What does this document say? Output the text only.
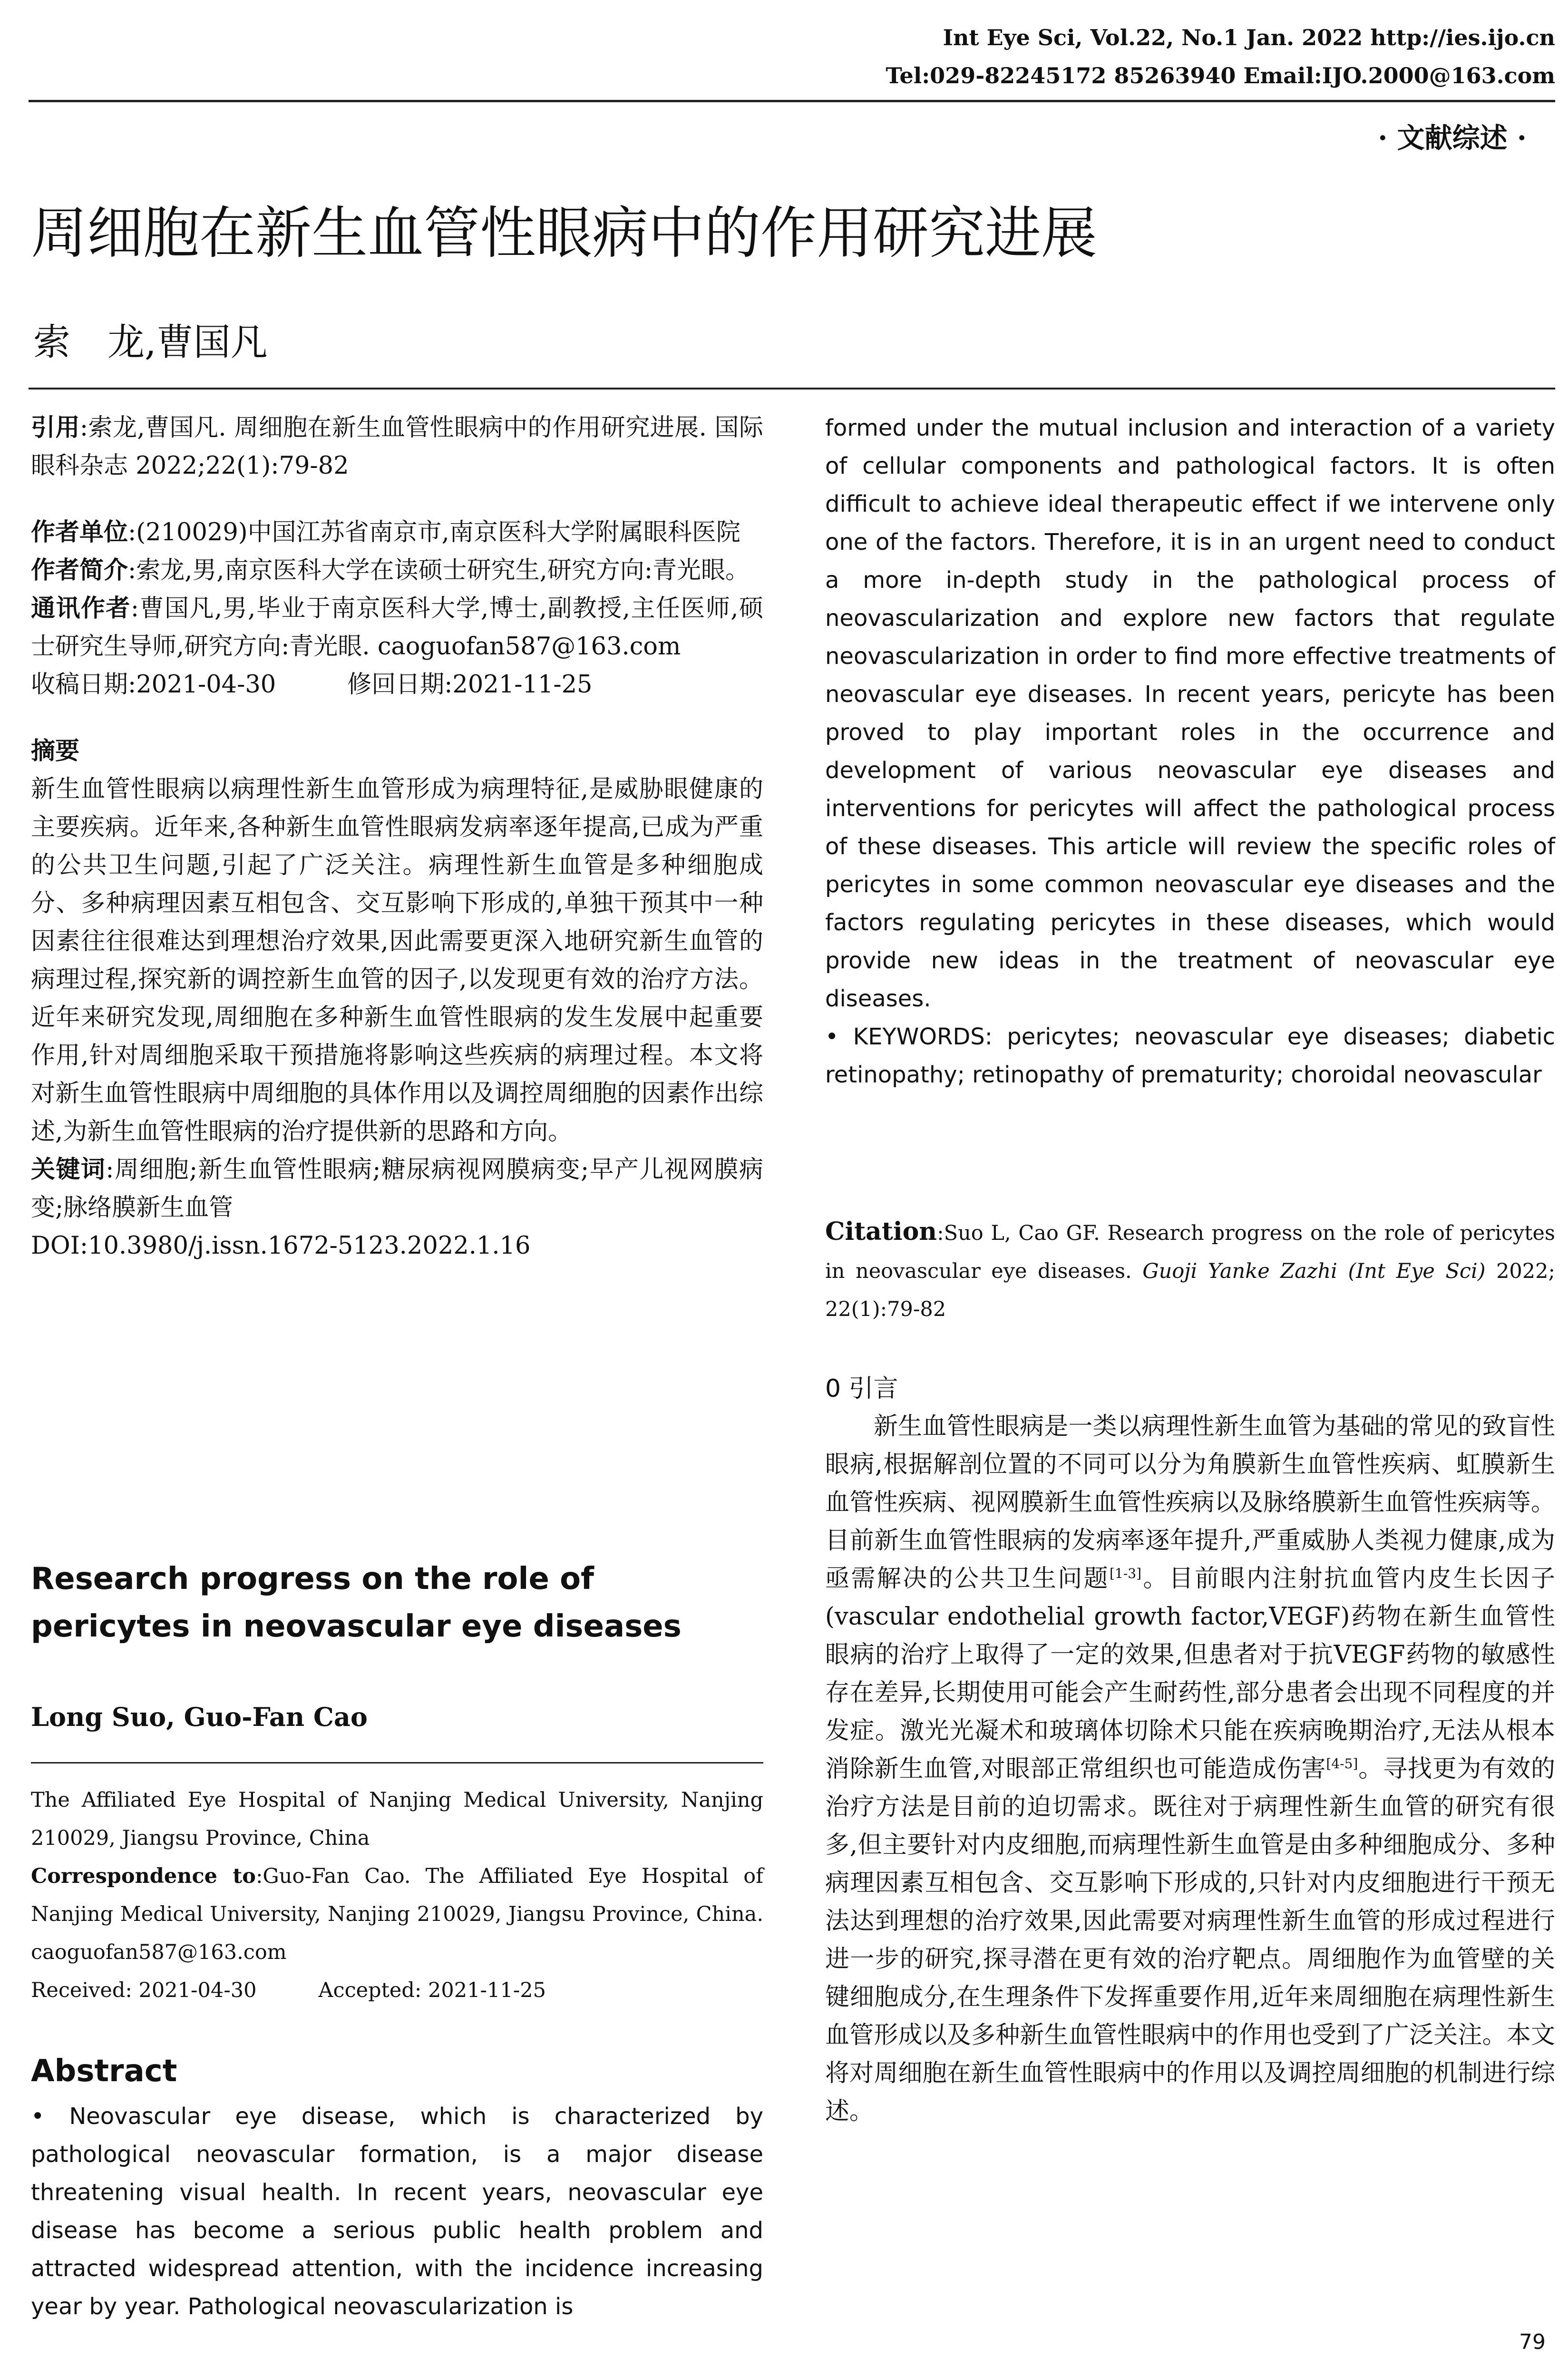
Int Eye Sci, Vol.22, No.1 Jan. 2022 http://ies.ijo.cn
Tel:029-82245172 85263940 Email:IJO.2000@163.com
· 文献综述 ·
周细胞在新生血管性眼病中的作用研究进展
索　龙,曹国凡

引用:索龙,曹国凡. 周细胞在新生血管性眼病中的作用研究进展. 国际眼科杂志 2022;22(1):79-82

作者单位:(210029)中国江苏省南京市,南京医科大学附属眼科医院

作者简介:索龙,男,南京医科大学在读硕士研究生,研究方向:青光眼。

通讯作者:曹国凡,男,毕业于南京医科大学,博士,副教授,主任医师,硕士研究生导师,研究方向:青光眼. caoguofan587@163.com

收稿日期:2021-04-30	修回日期:2021-11-25

摘要

新生血管性眼病以病理性新生血管形成为病理特征,是威胁眼健康的主要疾病。近年来,各种新生血管性眼病发病率逐年提高,已成为严重的公共卫生问题,引起了广泛关注。病理性新生血管是多种细胞成分、多种病理因素互相包含、交互影响下形成的,单独干预其中一种因素往往很难达到理想治疗效果,因此需要更深入地研究新生血管的病理过程,探究新的调控新生血管的因子,以发现更有效的治疗方法。近年来研究发现,周细胞在多种新生血管性眼病的发生发展中起重要作用,针对周细胞采取干预措施将影响这些疾病的病理过程。本文将对新生血管性眼病中周细胞的具体作用以及调控周细胞的因素作出综述,为新生血管性眼病的治疗提供新的思路和方向。

关键词:周细胞;新生血管性眼病;糖尿病视网膜病变;早产儿视网膜病变;脉络膜新生血管

DOI:10.3980/j.issn.1672-5123.2022.1.16

Research progress on the role of pericytes in neovascular eye diseases
Long Suo, Guo-Fan Cao

The Affiliated Eye Hospital of Nanjing Medical University, Nanjing 210029, Jiangsu Province, China

Correspondence to:Guo-Fan Cao. The Affiliated Eye Hospital of Nanjing Medical University, Nanjing 210029, Jiangsu Province, China. caoguofan587@163.com

Received: 2021-04-30	Accepted: 2021-11-25

Abstract

• Neovascular eye disease, which is characterized by pathological neovascular formation, is a major disease threatening visual health. In recent years, neovascular eye disease has become a serious public health problem and attracted widespread attention, with the incidence increasing year by year. Pathological neovascularization is

formed under the mutual inclusion and interaction of a variety of cellular components and pathological factors. It is often difficult to achieve ideal therapeutic effect if we intervene only one of the factors. Therefore, it is in an urgent need to conduct a more in-depth study in the pathological process of neovascularization and explore new factors that regulate neovascularization in order to find more effective treatments of neovascular eye diseases. In recent years, pericyte has been proved to play important roles in the occurrence and development of various neovascular eye diseases and interventions for pericytes will affect the pathological process of these diseases. This article will review the specific roles of pericytes in some common neovascular eye diseases and the factors regulating pericytes in these diseases, which would provide new ideas in the treatment of neovascular eye diseases.

• KEYWORDS: pericytes; neovascular eye diseases; diabetic retinopathy; retinopathy of prematurity; choroidal neovascular

Citation:Suo L, Cao GF. Research progress on the role of pericytes in neovascular eye diseases. Guoji Yanke Zazhi (Int Eye Sci) 2022; 22(1):79-82

0 引言

新生血管性眼病是一类以病理性新生血管为基础的常见的致盲性眼病,根据解剖位置的不同可以分为角膜新生血管性疾病、虹膜新生血管性疾病、视网膜新生血管性疾病以及脉络膜新生血管性疾病等。目前新生血管性眼病的发病率逐年提升,严重威胁人类视力健康,成为亟需解决的公共卫生问题[1-3]。目前眼内注射抗血管内皮生长因子(vascular endothelial growth factor,VEGF)药物在新生血管性眼病的治疗上取得了一定的效果,但患者对于抗VEGF药物的敏感性存在差异,长期使用可能会产生耐药性,部分患者会出现不同程度的并发症。激光光凝术和玻璃体切除术只能在疾病晚期治疗,无法从根本消除新生血管,对眼部正常组织也可能造成伤害[4-5]。寻找更为有效的治疗方法是目前的迫切需求。既往对于病理性新生血管的研究有很多,但主要针对内皮细胞,而病理性新生血管是由多种细胞成分、多种病理因素互相包含、交互影响下形成的,只针对内皮细胞进行干预无法达到理想的治疗效果,因此需要对病理性新生血管的形成过程进行进一步的研究,探寻潜在更有效的治疗靶点。周细胞作为血管壁的关键细胞成分,在生理条件下发挥重要作用,近年来周细胞在病理性新生血管形成以及多种新生血管性眼病中的作用也受到了广泛关注。本文将对周细胞在新生血管性眼病中的作用以及调控周细胞的机制进行综述。

79
